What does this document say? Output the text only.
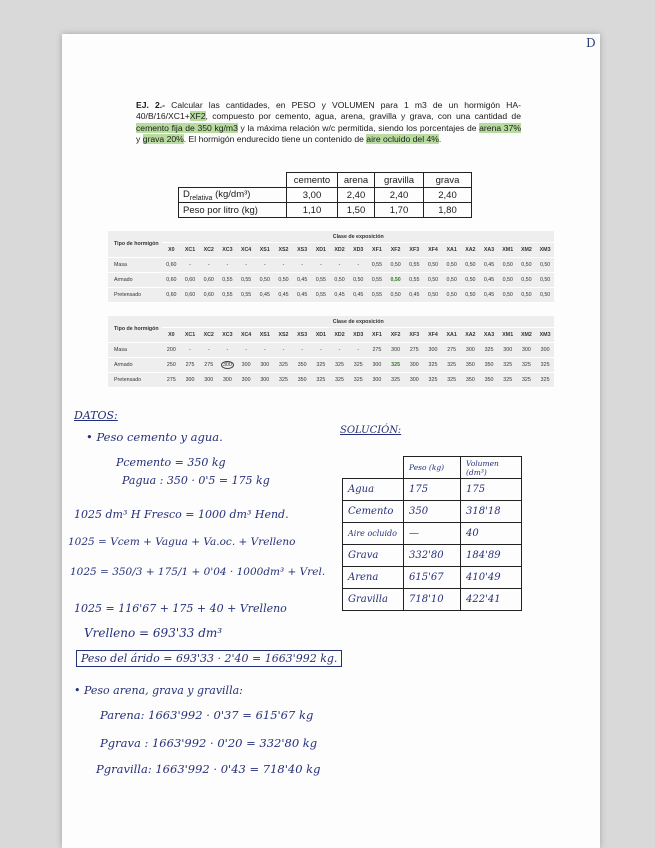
D
EJ. 2.- Calcular las cantidades, en PESO y VOLUMEN para 1 m3 de un hormigón HA-40/B/16/XC1+XF2, compuesto por cemento, agua, arena, gravilla y grava, con una cantidad de cemento fija de 350 kg/m3 y la máxima relación w/c permitida, siendo los porcentajes de arena 37% y grava 20%. El hormigón endurecido tiene un contenido de aire ocluido del 4%.
	cemento	arena	gravilla	grava
$D_{relativa}$ (kg/dm³)	3,00	2,40	2,40	2,40
Peso por litro (kg)	1,10	1,50	1,70	1,80
Tipo de hormigón	Clase de exposición																				
	X0	XC1	XC2	XC3	XC4	XS1	XS2	XS3	XD1	XD2	XD3	XF1	XF2	XF3	XF4	XA1	XA2	XA3	XM1	XM2	XM3
Masa	0,60	-	-	-	-	-	-	-	-	-	-	0,55	0,50	0,55	0,50	0,50	0,50	0,45	0,50	0,50	0,50
Armado	0,60	0,60	0,60	0,55	0,55	0,50	0,50	0,45	0,55	0,50	0,50	0,55	0,50	0,55	0,50	0,50	0,50	0,45	0,50	0,50	0,50
Pretensado	0,60	0,60	0,60	0,55	0,55	0,45	0,45	0,45	0,55	0,45	0,45	0,55	0,50	0,45	0,50	0,50	0,50	0,45	0,50	0,50	0,50
Tipo de hormigón	Clase de exposición																				
	X0	XC1	XC2	XC3	XC4	XS1	XS2	XS3	XD1	XD2	XD3	XF1	XF2	XF3	XF4	XA1	XA2	XA3	XM1	XM2	XM3
Masa	200	-	-	-	-	-	-	-	-	-	-	275	300	275	300	275	300	325	300	300	300
Armado	250	275	275	300	300	300	325	350	325	325	325	300	325	300	325	325	350	350	325	325	325
Pretensado	275	300	300	300	300	300	325	350	325	325	325	300	325	300	325	325	350	350	325	325	325
DATOS:
• Peso cemento y agua.
Pcemento = 350 kg
Pagua : 350 · 0'5 = 175 kg
1025 dm³ H Fresco = 1000 dm³ Hend.
1025 = Vcem + Vagua + Va.oc. + Vrelleno
1025 = 350/3 + 175/1 + 0'04 · 1000dm³ + Vrel.
1025 = 116'67 + 175 + 40 + Vrelleno
Vrelleno = 693'33 dm³
Peso del árido = 693'33 · 2'40 = 1663'992 kg.
• Peso arena, grava y gravilla:
Parena: 1663'992 · 0'37 = 615'67 kg
Pgrava : 1663'992 · 0'20 = 332'80 kg
Pgravilla: 1663'992 · 0'43 = 718'40 kg
SOLUCIÓN:
	Peso (kg)	Volumen (dm³)
Agua	175	175
Cemento	350	318'18
Aire ocluido	—	40
Grava	332'80	184'89
Arena	615'67	410'49
Gravilla	718'10	422'41
